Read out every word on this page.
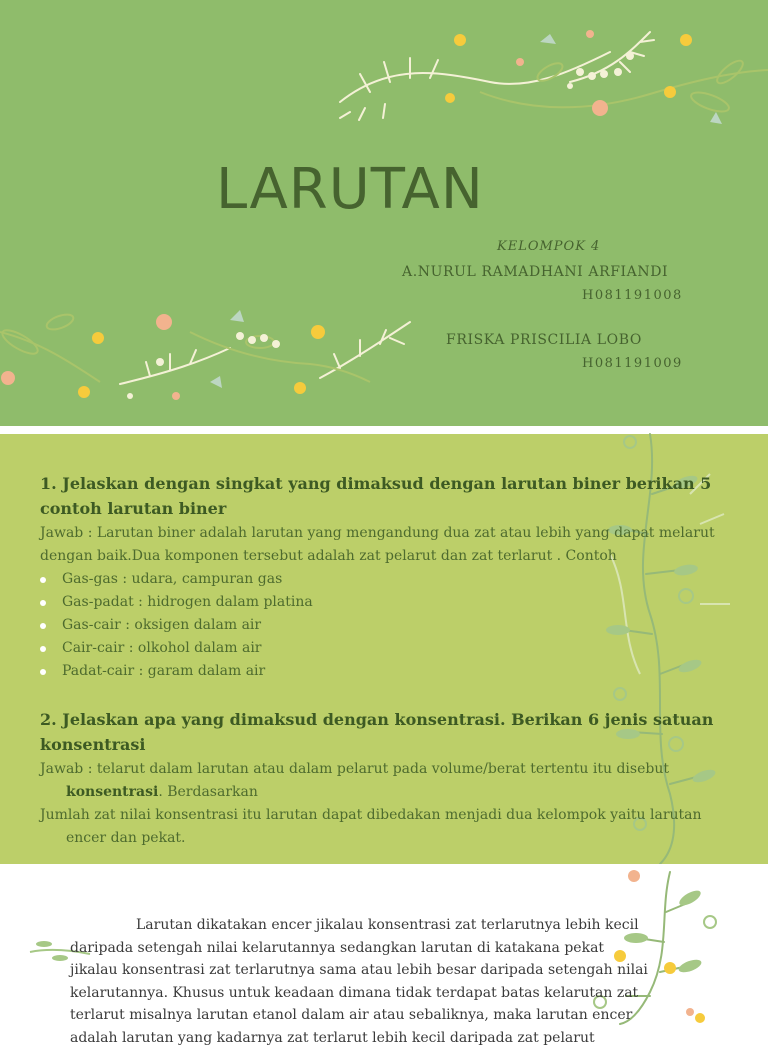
LARUTAN
KELOMPOK 4
A.NURUL RAMADHANI ARFIANDI
H081191008
FRISKA PRISCILIA LOBO
H081191009
1. Jelaskan dengan singkat yang dimaksud dengan larutan biner berikan 5 contoh larutan biner
Jawab : Larutan biner adalah larutan yang mengandung dua zat atau lebih yang dapat melarut dengan baik.Dua komponen tersebut adalah zat pelarut dan zat terlarut . Contoh
Gas-gas : udara, campuran gas
Gas-padat : hidrogen dalam platina
Gas-cair : oksigen dalam air
Cair-cair : olkohol dalam air
Padat-cair : garam dalam air
2. Jelaskan apa yang dimaksud dengan konsentrasi. Berikan 6 jenis satuan konsentrasi
Jawab : telarut dalam larutan atau dalam pelarut pada volume/berat tertentu itu disebut
konsentrasi. Berdasarkan
Jumlah zat nilai konsentrasi itu larutan dapat dibedakan menjadi dua kelompok yaitu larutan
encer dan pekat.
Larutan dikatakan encer jikalau konsentrasi zat terlarutnya lebih kecil
daripada setengah nilai kelarutannya sedangkan larutan di katakana pekat jikalau konsentrasi zat terlarutnya sama atau lebih besar daripada setengah nilai kelarutannya. Khusus untuk keadaan dimana tidak terdapat batas kelarutan zat terlarut misalnya larutan etanol dalam air atau sebaliknya, maka larutan encer adalah larutan yang kadarnya zat terlarut lebih kecil daripada zat pelarut
